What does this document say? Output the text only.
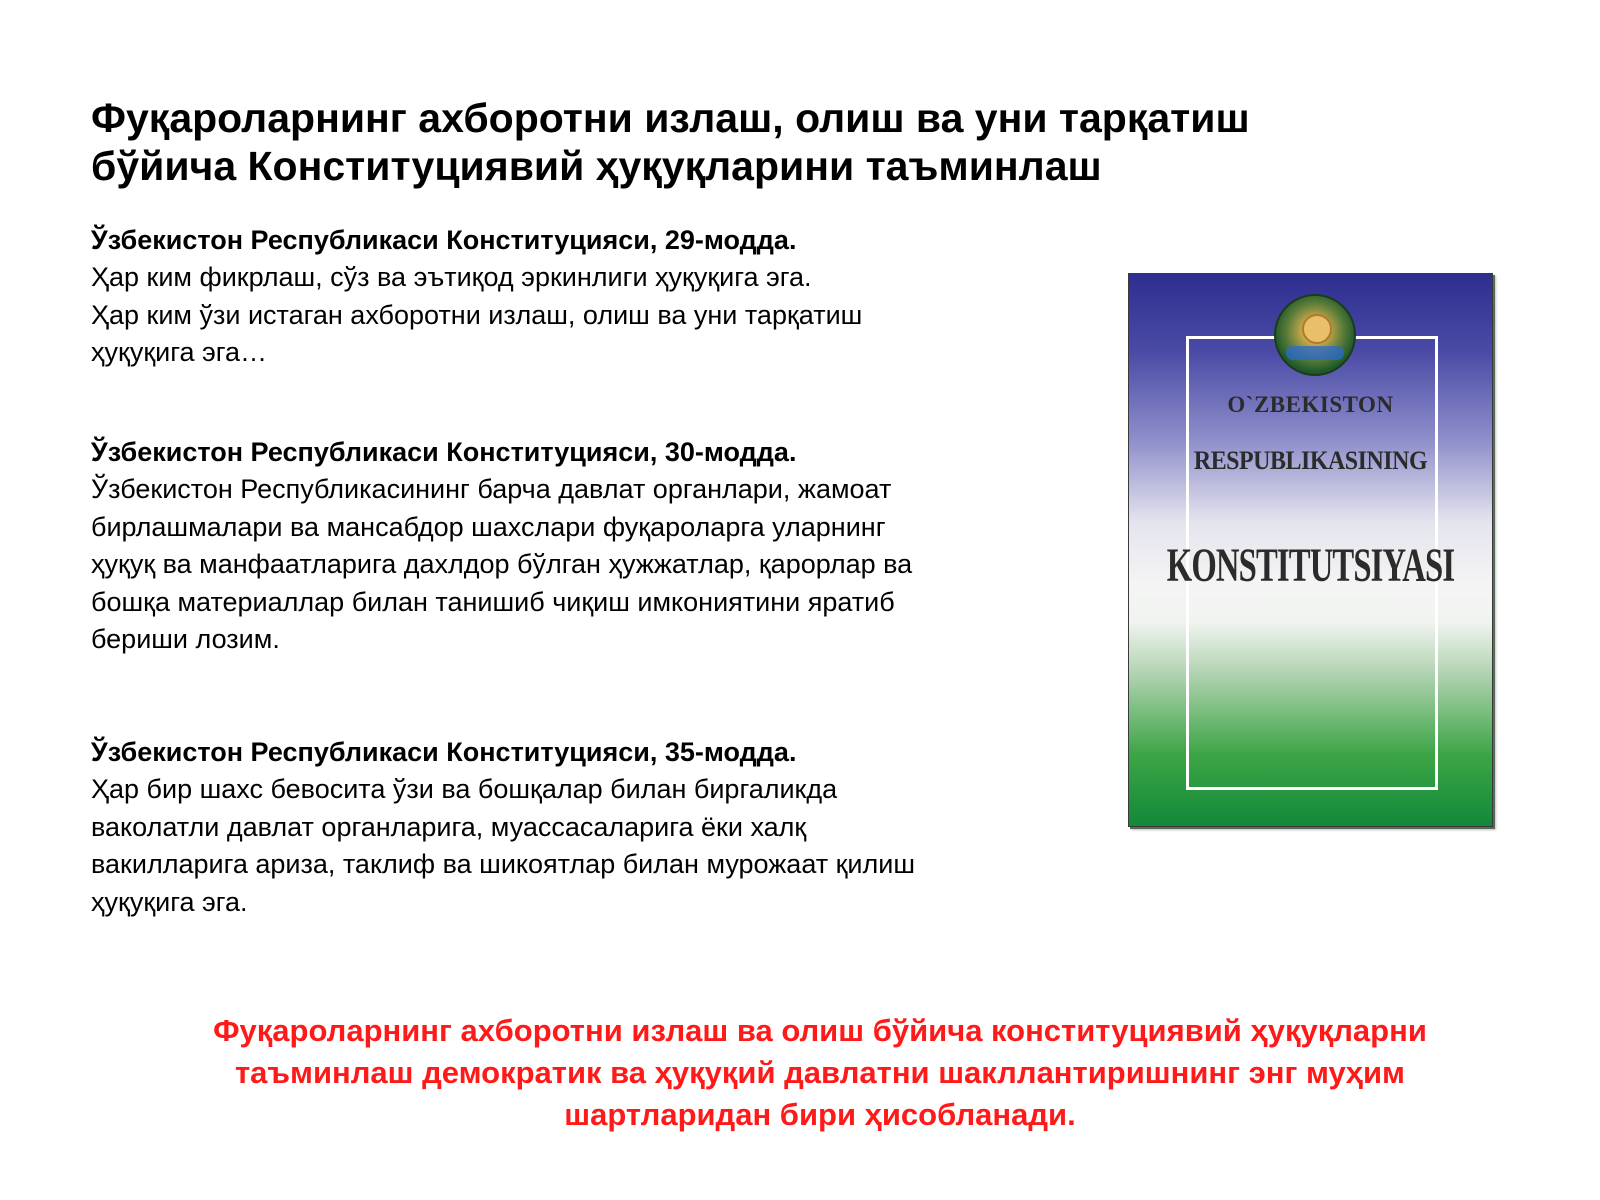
Фуқароларнинг ахборотни излаш, олиш ва уни тарқатиш
бўйича Конституциявий ҳуқуқларини таъминлаш
Ўзбекистон Республикаси Конституцияси, 29-модда.
Ҳар ким фикрлаш, сўз ва эътиқод эркинлиги ҳуқуқига эга.
Ҳар ким ўзи истаган ахборотни излаш, олиш ва уни тарқатиш
ҳуқуқига эга…
Ўзбекистон Республикаси Конституцияси, 30-модда.
Ўзбекистон Республикасининг барча давлат органлари, жамоат
бирлашмалари ва мансабдор шахслари фуқароларга уларнинг
ҳуқуқ ва манфаатларига дахлдор бўлган ҳужжатлар, қарорлар ва
бошқа материаллар билан танишиб чиқиш имкониятини яратиб
бериши лозим.
Ўзбекистон Республикаси Конституцияси, 35-модда.
Ҳар бир шахс бевосита ўзи ва бошқалар билан биргаликда
ваколатли давлат органларига, муассасаларига ёки халқ
вакилларига ариза, таклиф ва шикоятлар билан мурожаат қилиш
ҳуқуқига эга.
O`ZBEKISTON
RESPUBLIKASINING
KONSTITUTSIYASI

Фуқароларнинг ахборотни излаш ва олиш бўйича конституциявий ҳуқуқларни
таъминлаш демократик ва ҳуқуқий давлатни шакллантиришнинг энг муҳим
шартларидан бири ҳисобланади.
